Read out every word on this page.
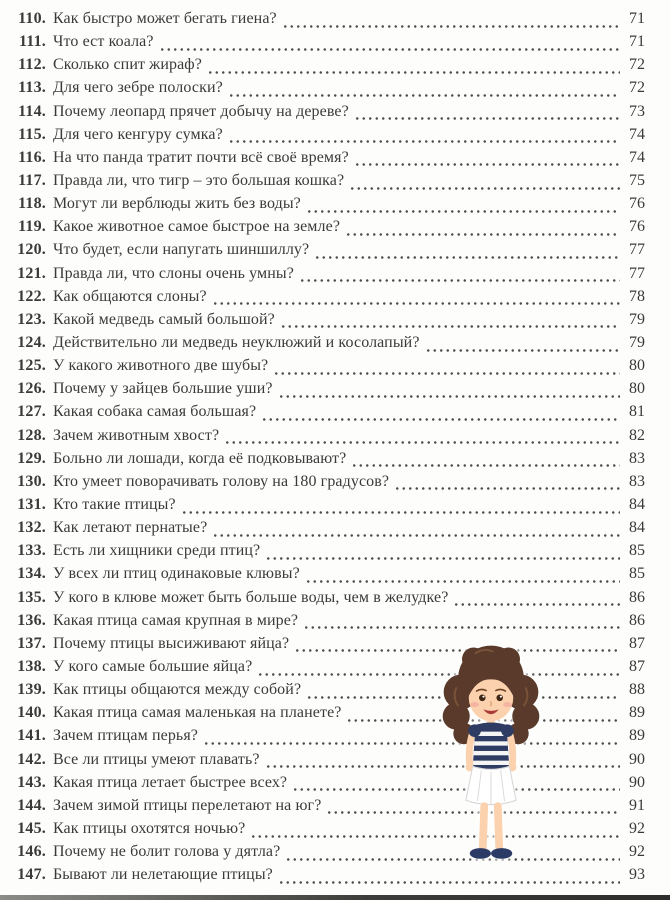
110. Как быстро может бегать гиена?	71
111. Что ест коала?	71
112. Сколько спит жираф?	72
113. Для чего зебре полоски?	72
114. Почему леопард прячет добычу на дереве?	73
115. Для чего кенгуру сумка?	74
116. На что панда тратит почти всё своё время?	74
117. Правда ли, что тигр – это большая кошка?	75
118. Могут ли верблюды жить без воды?	76
119. Какое животное самое быстрое на земле?	76
120. Что будет, если напугать шиншиллу?	77
121. Правда ли, что слоны очень умны?	77
122. Как общаются слоны?	78
123. Какой медведь самый большой?	79
124. Действительно ли медведь неуклюжий и косолапый?	79
125. У какого животного две шубы?	80
126. Почему у зайцев большие уши?	80
127. Какая собака самая большая?	81
128. Зачем животным хвост?	82
129. Больно ли лошади, когда её подковывают?	83
130. Кто умеет поворачивать голову на 180 градусов?	83
131. Кто такие птицы?	84
132. Как летают пернатые?	84
133. Есть ли хищники среди птиц?	85
134. У всех ли птиц одинаковые клювы?	85
135. У кого в клюве может быть больше воды, чем в желудке?	86
136. Какая птица самая крупная в мире?	86
137. Почему птицы высиживают яйца?	87
138. У кого самые большие яйца?	87
139. Как птицы общаются между собой?	88
140. Какая птица самая маленькая на планете?	89
141. Зачем птицам перья?	89
142. Все ли птицы умеют плавать?	90
143. Какая птица летает быстрее всех?	90
144. Зачем зимой птицы перелетают на юг?	91
145. Как птицы охотятся ночью?	92
146. Почему не болит голова у дятла?	92
147. Бывают ли нелетающие птицы?	93
